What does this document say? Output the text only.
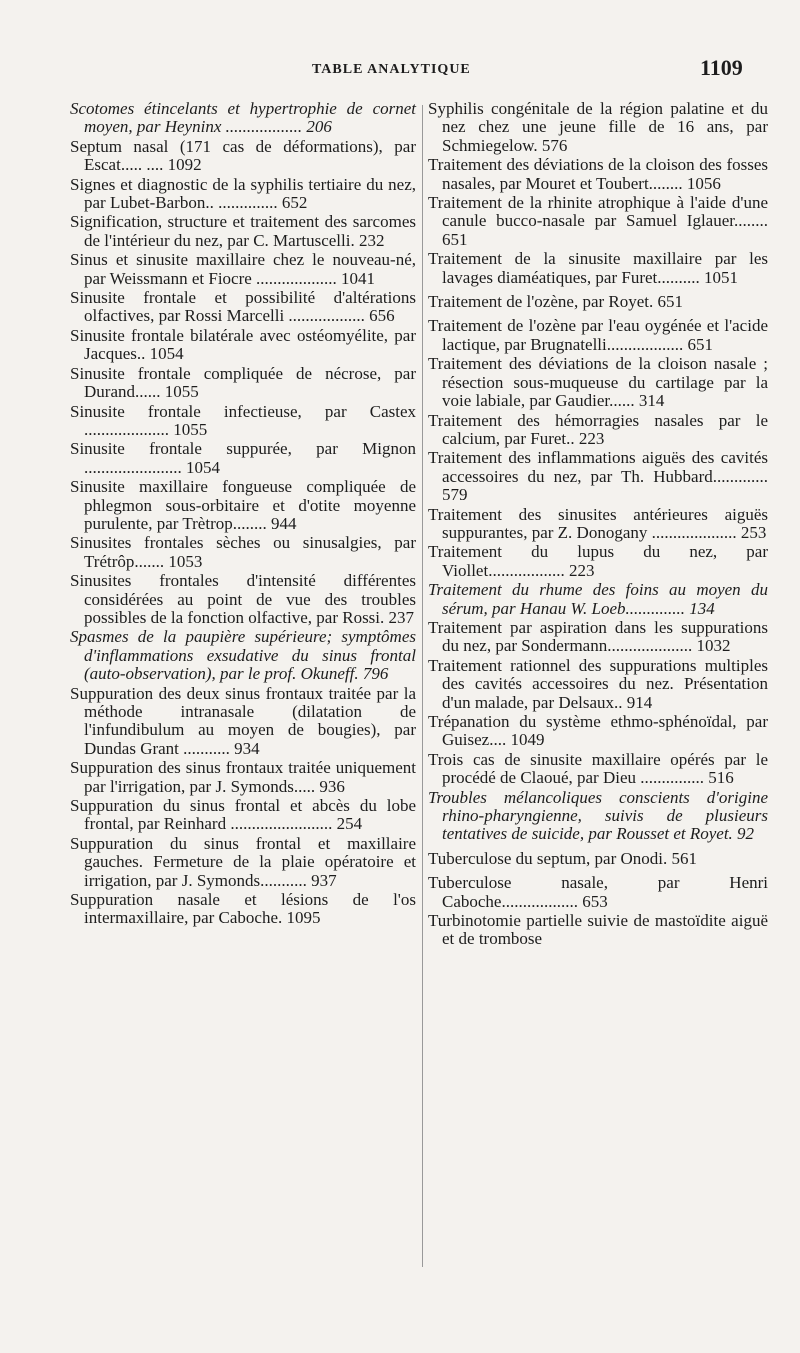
TABLE ANALYTIQUE	1109

Scotomes étincelants et hypertrophie de cornet moyen, par Heyninx .................. 206

Septum nasal (171 cas de déformations), par Escat..... .... 1092

Signes et diagnostic de la syphilis tertiaire du nez, par Lubet-Barbon.. .............. 652

Signification, structure et traitement des sarcomes de l'intérieur du nez, par C. Martuscelli. 232

Sinus et sinusite maxillaire chez le nouveau-né, par Weissmann et Fiocre ................... 1041

Sinusite frontale et possibilité d'altérations olfactives, par Rossi Marcelli .................. 656

Sinusite frontale bilatérale avec ostéomyélite, par Jacques.. 1054

Sinusite frontale compliquée de nécrose, par Durand...... 1055

Sinusite frontale infectieuse, par Castex .................... 1055

Sinusite frontale suppurée, par Mignon ....................... 1054

Sinusite maxillaire fongueuse compliquée de phlegmon sous-orbitaire et d'otite moyenne purulente, par Trètrop........ 944

Sinusites frontales sèches ou sinusalgies, par Trétrôp....... 1053

Sinusites frontales d'intensité différentes considérées au point de vue des troubles possibles de la fonction olfactive, par Rossi. 237

Spasmes de la paupière supérieure; symptômes d'inflammations exsudative du sinus frontal (auto-observation), par le prof. Okuneff. 796

Suppuration des deux sinus frontaux traitée par la méthode intranasale (dilatation de l'infundibulum au moyen de bougies), par Dundas Grant ........... 934

Suppuration des sinus frontaux traitée uniquement par l'irrigation, par J. Symonds..... 936

Suppuration du sinus frontal et abcès du lobe frontal, par Reinhard ........................ 254

Suppuration du sinus frontal et maxillaire gauches. Fermeture de la plaie opératoire et irrigation, par J. Symonds........... 937

Suppuration nasale et lésions de l'os intermaxillaire, par Caboche. 1095

Syphilis congénitale de la région palatine et du nez chez une jeune fille de 16 ans, par Schmiegelow. 576

Traitement des déviations de la cloison des fosses nasales, par Mouret et Toubert........ 1056

Traitement de la rhinite atrophique à l'aide d'une canule bucco-nasale par Samuel Iglauer........ 651

Traitement de la sinusite maxillaire par les lavages diaméatiques, par Furet.......... 1051

Traitement de l'ozène, par Royet. 651

Traitement de l'ozène par l'eau oygénée et l'acide lactique, par Brugnatelli.................. 651

Traitement des déviations de la cloison nasale ; résection sous-muqueuse du cartilage par la voie labiale, par Gaudier...... 314

Traitement des hémorragies nasales par le calcium, par Furet.. 223

Traitement des inflammations aiguës des cavités accessoires du nez, par Th. Hubbard............. 579

Traitement des sinusites antérieures aiguës suppurantes, par Z. Donogany .................... 253

Traitement du lupus du nez, par Viollet.................. 223

Traitement du rhume des foins au moyen du sérum, par Hanau W. Loeb.............. 134

Traitement par aspiration dans les suppurations du nez, par Sondermann.................... 1032

Traitement rationnel des suppurations multiples des cavités accessoires du nez. Présentation d'un malade, par Delsaux.. 914

Trépanation du système ethmo-sphénoïdal, par Guisez.... 1049

Trois cas de sinusite maxillaire opérés par le procédé de Claoué, par Dieu ............... 516

Troubles mélancoliques conscients d'origine rhino-pharyngienne, suivis de plusieurs tentatives de suicide, par Rousset et Royet. 92

Tuberculose du septum, par Onodi. 561

Tuberculose nasale, par Henri Caboche.................. 653

Turbinotomie partielle suivie de mastoïdite aiguë et de trombose
